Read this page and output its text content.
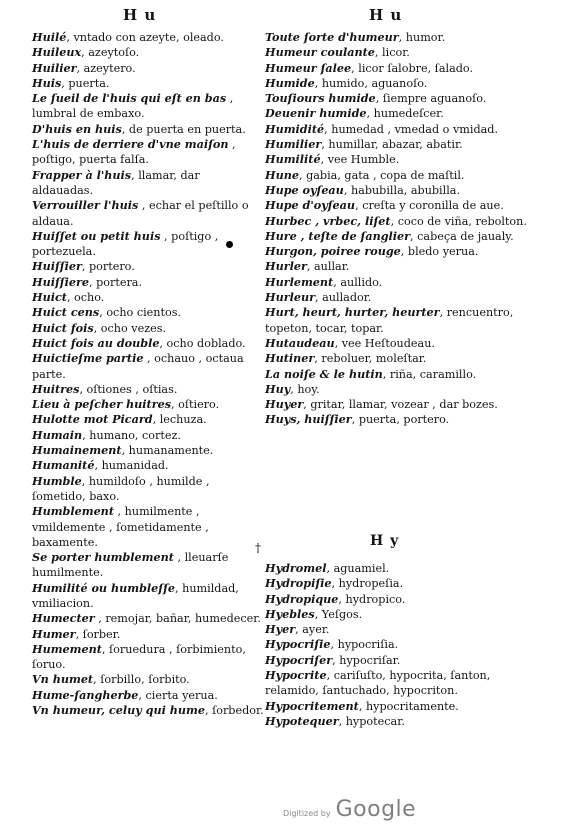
H u	H u
Huilé, vntado con azeyte, oleado.
Huileux, azeytoſo.
Huilier, azeytero.
Huis, puerta.
Le ſueil de l'huis qui eſt en bas , lumbral de embaxo.
D'huis en huis, de puerta en puerta.
L'huis de derriere d'vne maiſon , poſtigo, puerta falſa.
Frapper à l'huis, llamar, dar aldauadas.
Verrouiller l'huis , echar el peſtillo o aldaua.
Huiſſet ou petit huis , poſtigo , portezuela.
Huiſſier, portero.
Huiſſiere, portera.
Huict, ocho.
Huict cens, ocho cientos.
Huict fois, ocho vezes.
Huict fois au double, ocho doblado.
Huictieſme partie , ochauo , octaua parte.
Huitres, oſtiones , oſtias.
Lieu à peſcher huitres, oſtiero.
Hulotte mot Picard, lechuza.
Humain, humano, cortez.
Humainement, humanamente.
Humanité, humanidad.
Humble, humildoſo , humilde , ſometido, baxo.
Humblement , humilmente , vmildemente , ſometidamente , baxamente.
Se porter humblement , lleuarſe humilmente.
Humilité ou humbleſſe, humildad, vmiliacion.
Humecter , remojar, bañar, humedecer.
Humer, ſorber.
Humement, ſoruedura , ſorbimiento, ſoruo.
Vn humet, ſorbillo, ſorbito.
Hume-ſangherbe, cierta yerua.
Vn humeur, celuy qui hume, ſorbedor.
Toute ſorte d'humeur, humor.
Humeur coulante, licor.
Humeur ſalee, licor ſalobre, ſalado.
Humide, humido, aguanoſo.
Touſiours humide, ſiempre aguanoſo.
Deuenir humide, humedeſcer.
Humidité, humedad , vmedad o vmidad.
Humilier, humillar, abazar, abatir.
Humilité, vee Humble.
Hune, gabia, gata , copa de maſtil.
Hupe oyſeau, habubilla, abubilla.
Hupe d'oyſeau, creſta y coronilla de aue.
Hurbec , vrbec, liſet, coco de viña, rebolton.
Hure , teſte de ſanglier, cabeça de jaualy.
Hurgon, poiree rouge, bledo yerua.
Hurler, aullar.
Hurlement, aullido.
Hurleur, aullador.
Hurt, heurt, hurter, heurter, rencuentro, topeton, tocar, topar.
Hutaudeau, vee Heſtoudeau.
Hutiner, reboluer, moleſtar.
La noiſe & le hutin, riña, caramillo.
Huy, hoy.
Huyer, gritar, llamar, vozear , dar bozes.
Huys, huiſſier, puerta, portero.
H y
Hydromel, aguamiel.
Hydropiſie, hydropeſia.
Hydropique, hydropico.
Hyebles, Yeſgos.
Hyer, ayer.
Hypocriſie, hypocriſia.
Hypocriſer, hypocriſar.
Hypocrite, cariſuſto, hypocrita, ſanton, relamido, ſantuchado, hypocriton.
Hypocritement, hypocritamente.
Hypotequer, hypotecar.
†
Digitized by Google
